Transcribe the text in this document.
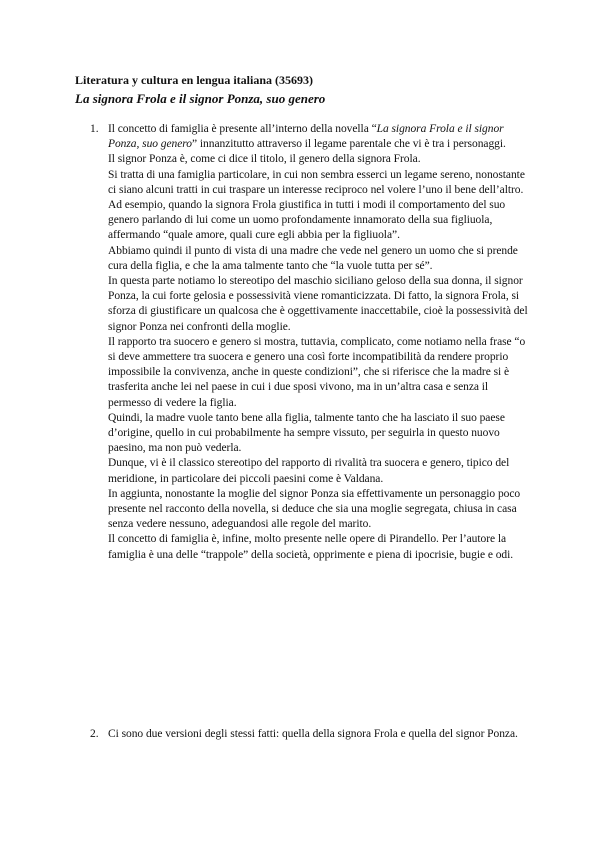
Literatura y cultura en lengua italiana (35693)
La signora Frola e il signor Ponza, suo genero
1. Il concetto di famiglia è presente all’interno della novella “La signora Frola e il signor Ponza, suo genero” innanzitutto attraverso il legame parentale che vi è tra i personaggi.

Il signor Ponza è, come ci dice il titolo, il genero della signora Frola.

Si tratta di una famiglia particolare, in cui non sembra esserci un legame sereno, nonostante ci siano alcuni tratti in cui traspare un interesse reciproco nel volere l’uno il bene dell’altro.

Ad esempio, quando la signora Frola giustifica in tutti i modi il comportamento del suo genero parlando di lui come un uomo profondamente innamorato della sua figliuola, affermando “quale amore, quali cure egli abbia per la figliuola”.

Abbiamo quindi il punto di vista di una madre che vede nel genero un uomo che si prende cura della figlia, e che la ama talmente tanto che “la vuole tutta per sé”.

In questa parte notiamo lo stereotipo del maschio siciliano geloso della sua donna, il signor Ponza, la cui forte gelosia e possessività viene romanticizzata. Di fatto, la signora Frola, si sforza di giustificare un qualcosa che è oggettivamente inaccettabile, cioè la possessività del signor Ponza nei confronti della moglie.

Il rapporto tra suocero e genero si mostra, tuttavia, complicato, come notiamo nella frase “o si deve ammettere tra suocera e genero una così forte incompatibilità da rendere proprio impossibile la convivenza, anche in queste condizioni”, che si riferisce che la madre si è trasferita anche lei nel paese in cui i due sposi vivono, ma in un’altra casa e senza il permesso di vedere la figlia.

Quindi, la madre vuole tanto bene alla figlia, talmente tanto che ha lasciato il suo paese d’origine, quello in cui probabilmente ha sempre vissuto, per seguirla in questo nuovo paesino, ma non può vederla.

Dunque, vi è il classico stereotipo del rapporto di rivalità tra suocera e genero, tipico del meridione, in particolare dei piccoli paesini come è Valdana.

In aggiunta, nonostante la moglie del signor Ponza sia effettivamente un personaggio poco presente nel racconto della novella, si deduce che sia una moglie segregata, chiusa in casa senza vedere nessuno, adeguandosi alle regole del marito.

Il concetto di famiglia è, infine, molto presente nelle opere di Pirandello. Per l’autore la famiglia è una delle “trappole” della società, opprimente e piena di ipocrisie, bugie e odi.

2. Ci sono due versioni degli stessi fatti: quella della signora Frola e quella del signor Ponza.
